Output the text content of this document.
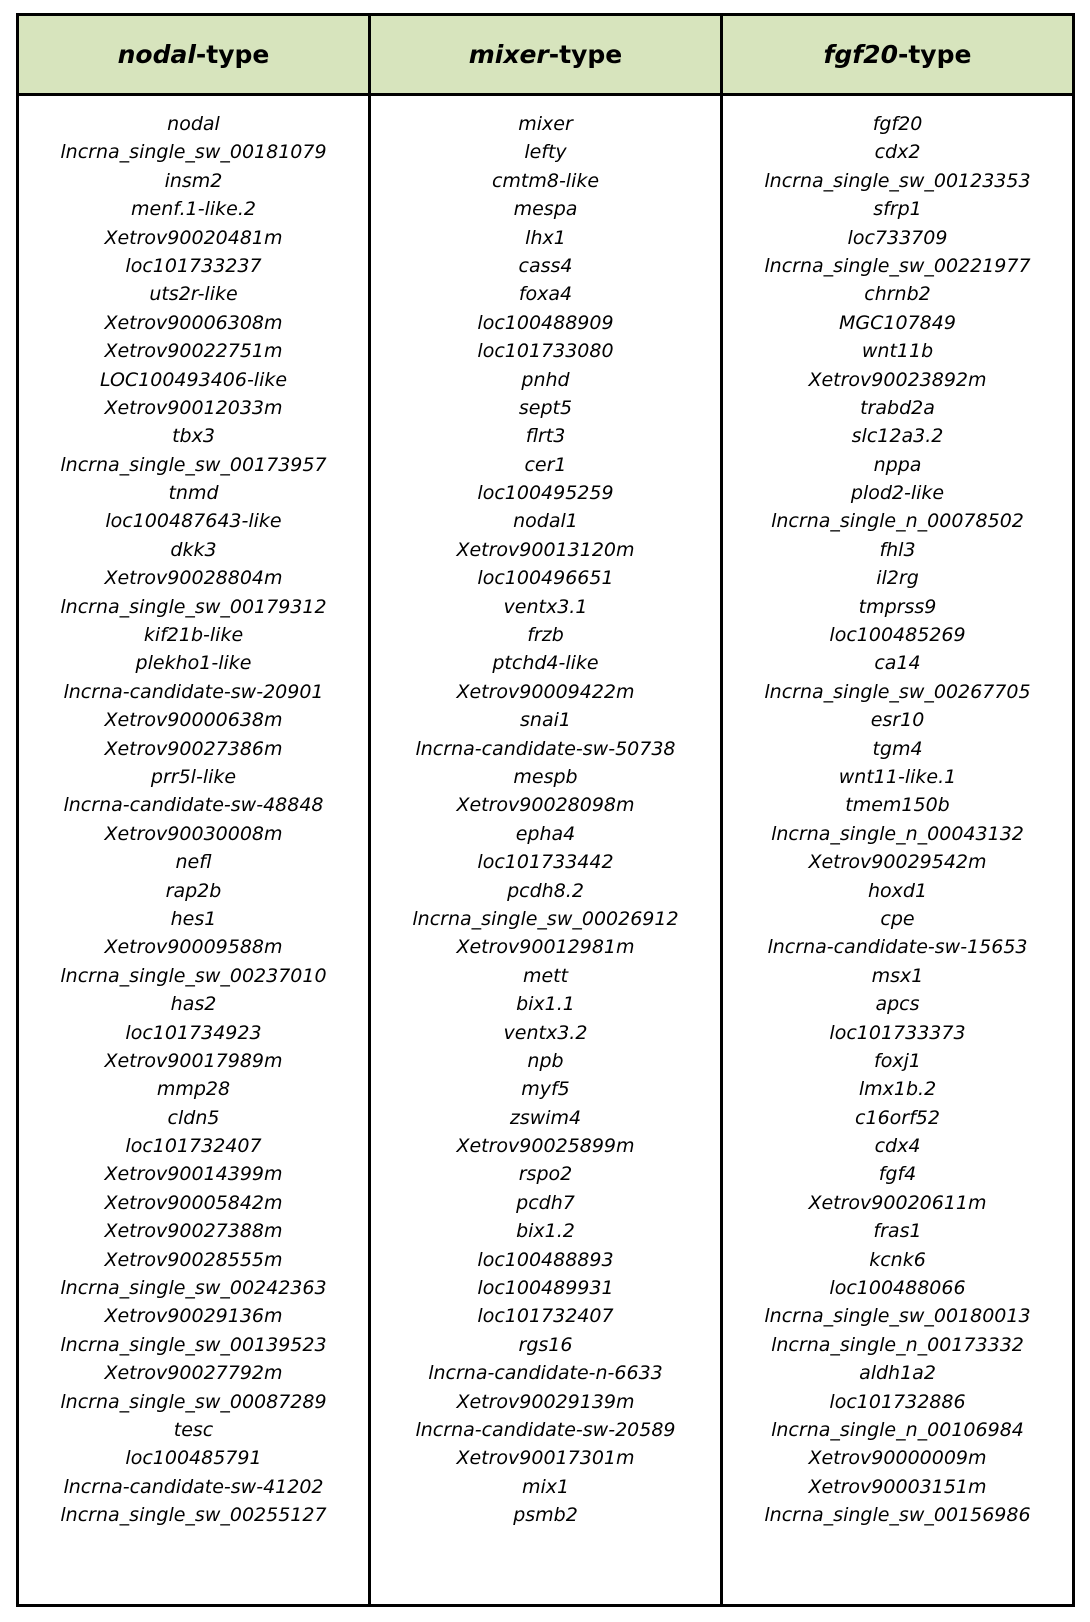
nodal -type	mixer -type	fgf20 -type
nodal
lncrna_single_sw_00181079
insm2
menf.1-like.2
Xetrov90020481m
loc101733237
uts2r-like
Xetrov90006308m
Xetrov90022751m
LOC100493406-like
Xetrov90012033m
tbx3
lncrna_single_sw_00173957
tnmd
loc100487643-like
dkk3
Xetrov90028804m
lncrna_single_sw_00179312
kif21b-like
plekho1-like
lncrna-candidate-sw-20901
Xetrov90000638m
Xetrov90027386m
prr5l-like
lncrna-candidate-sw-48848
Xetrov90030008m
nefl
rap2b
hes1
Xetrov90009588m
lncrna_single_sw_00237010
has2
loc101734923
Xetrov90017989m
mmp28
cldn5
loc101732407
Xetrov90014399m
Xetrov90005842m
Xetrov90027388m
Xetrov90028555m
lncrna_single_sw_00242363
Xetrov90029136m
lncrna_single_sw_00139523
Xetrov90027792m
lncrna_single_sw_00087289
tesc
loc100485791
lncrna-candidate-sw-41202
lncrna_single_sw_00255127
mixer
lefty
cmtm8-like
mespa
lhx1
cass4
foxa4
loc100488909
loc101733080
pnhd
sept5
flrt3
cer1
loc100495259
nodal1
Xetrov90013120m
loc100496651
ventx3.1
frzb
ptchd4-like
Xetrov90009422m
snai1
lncrna-candidate-sw-50738
mespb
Xetrov90028098m
epha4
loc101733442
pcdh8.2
lncrna_single_sw_00026912
Xetrov90012981m
mett
bix1.1
ventx3.2
npb
myf5
zswim4
Xetrov90025899m
rspo2
pcdh7
bix1.2
loc100488893
loc100489931
loc101732407
rgs16
lncrna-candidate-n-6633
Xetrov90029139m
lncrna-candidate-sw-20589
Xetrov90017301m
mix1
psmb2
fgf20
cdx2
lncrna_single_sw_00123353
sfrp1
loc733709
lncrna_single_sw_00221977
chrnb2
MGC107849
wnt11b
Xetrov90023892m
trabd2a
slc12a3.2
nppa
plod2-like
lncrna_single_n_00078502
fhl3
il2rg
tmprss9
loc100485269
ca14
lncrna_single_sw_00267705
esr10
tgm4
wnt11-like.1
tmem150b
lncrna_single_n_00043132
Xetrov90029542m
hoxd1
cpe
lncrna-candidate-sw-15653
msx1
apcs
loc101733373
foxj1
lmx1b.2
c16orf52
cdx4
fgf4
Xetrov90020611m
fras1
kcnk6
loc100488066
lncrna_single_sw_00180013
lncrna_single_n_00173332
aldh1a2
loc101732886
lncrna_single_n_00106984
Xetrov90000009m
Xetrov90003151m
lncrna_single_sw_00156986
